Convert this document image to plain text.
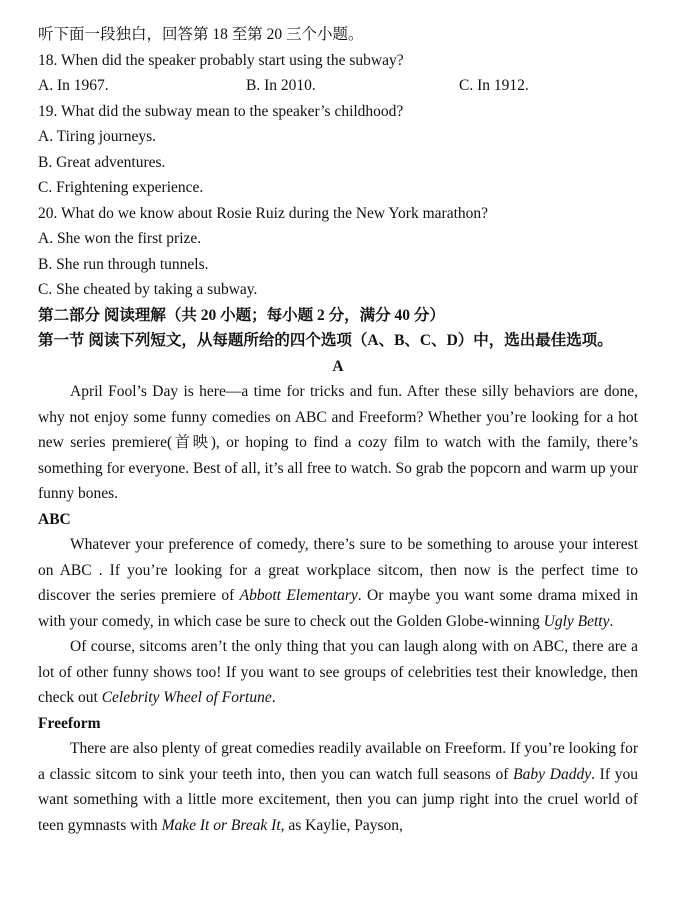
听下面一段独白，回答第 18 至第 20 三个小题。
18. When did the speaker probably start using the subway?
A. In 1967.	B. In 2010.	C. In 1912.
19. What did the subway mean to the speaker’s childhood?
A. Tiring journeys.
B. Great adventures.
C. Frightening experience.
20. What do we know about Rosie Ruiz during the New York marathon?
A. She won the first prize.
B. She run through tunnels.
C. She cheated by taking a subway.
第二部分 阅读理解（共 20 小题；每小题 2 分，满分 40 分）
第一节 阅读下列短文，从每题所给的四个选项（A、B、C、D）中，选出最佳选项。
A

April Fool’s Day is here—a time for tricks and fun. After these silly behaviors are done, why not enjoy some funny comedies on ABC and Freeform? Whether you’re looking for a hot new series premiere(首映), or hoping to find a cozy film to watch with the family, there’s something for everyone. Best of all, it’s all free to watch. So grab the popcorn and warm up your funny bones.

ABC

Whatever your preference of comedy, there’s sure to be something to arouse your interest on ABC . If you’re looking for a great workplace sitcom, then now is the perfect time to discover the series premiere of Abbott Elementary. Or maybe you want some drama mixed in with your comedy, in which case be sure to check out the Golden Globe-winning Ugly Betty.

Of course, sitcoms aren’t the only thing that you can laugh along with on ABC, there are a lot of other funny shows too! If you want to see groups of celebrities test their knowledge, then check out Celebrity Wheel of Fortune.

Freeform

There are also plenty of great comedies readily available on Freeform. If you’re looking for a classic sitcom to sink your teeth into, then you can watch full seasons of Baby Daddy. If you want something with a little more excitement, then you can jump right into the cruel world of teen gymnasts with Make It or Break It, as Kaylie, Payson,
